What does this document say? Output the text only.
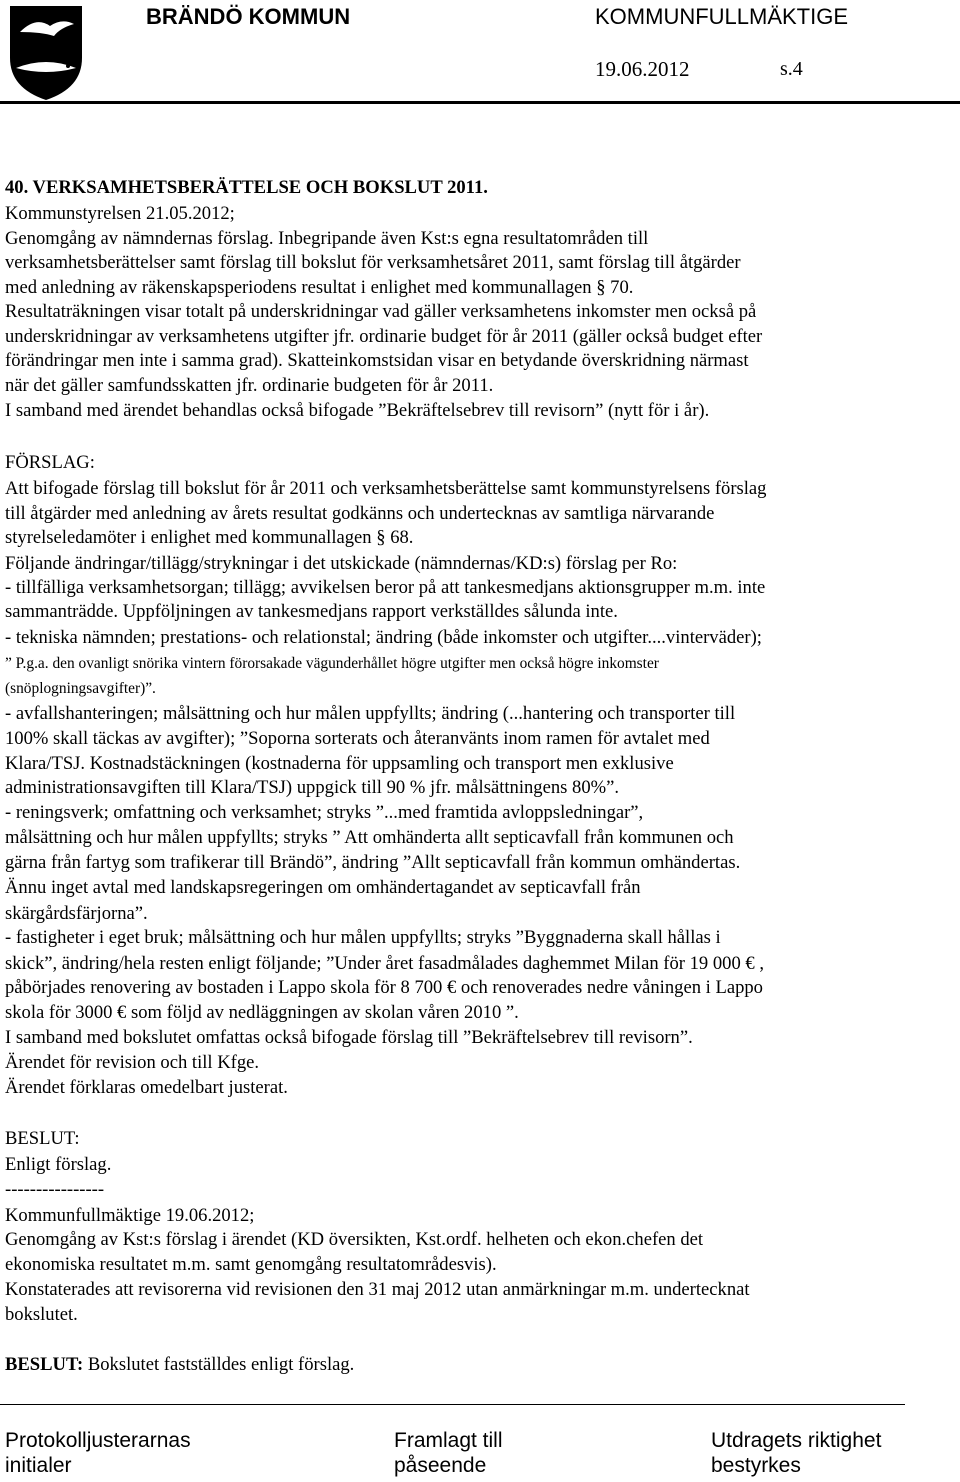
BRÄNDÖ KOMMUN	KOMMUNFULLMÄKTIGE
19.06.2012	s.4
40. VERKSAMHETSBERÄTTELSE OCH BOKSLUT 2011.
Kommunstyrelsen 21.05.2012;
Genomgång av nämndernas förslag. Inbegripande även Kst:s egna resultatområden till
verksamhetsberättelser samt förslag till bokslut för verksamhetsåret 2011, samt förslag till åtgärder
med anledning av räkenskapsperiodens resultat i enlighet med kommunallagen § 70.
Resultaträkningen visar totalt på underskridningar vad gäller verksamhetens inkomster men också på
underskridningar av verksamhetens utgifter jfr. ordinarie budget för år 2011 (gäller också budget efter
förändringar men inte i samma grad). Skatteinkomstsidan visar en betydande överskridning närmast
när det gäller samfundsskatten jfr. ordinarie budgeten för år 2011.
I samband med ärendet behandlas också bifogade ”Bekräftelsebrev till revisorn” (nytt för i år).
FÖRSLAG:
Att bifogade förslag till bokslut för år 2011 och verksamhetsberättelse samt kommunstyrelsens förslag
till åtgärder med anledning av årets resultat godkänns och undertecknas av samtliga närvarande
styrelseledamöter i enlighet med kommunallagen § 68.
Följande ändringar/tillägg/strykningar i det utskickade (nämndernas/KD:s) förslag per Ro:
- tillfälliga verksamhetsorgan; tillägg; avvikelsen beror på att tankesmedjans aktionsgrupper m.m. inte
sammanträdde. Uppföljningen av tankesmedjans rapport verkställdes sålunda inte.
- tekniska nämnden; prestations- och relationstal; ändring (både inkomster och utgifter....vinterväder);
” P.g.a. den ovanligt snörika vintern förorsakade vägunderhållet högre utgifter men också högre inkomster
(snöplogningsavgifter)”.
- avfallshanteringen; målsättning och hur målen uppfyllts; ändring (...hantering och transporter till
100% skall täckas av avgifter); ”Soporna sorterats och återanvänts inom ramen för avtalet med
Klara/TSJ. Kostnadstäckningen (kostnaderna för uppsamling och transport men exklusive
administrationsavgiften till Klara/TSJ) uppgick till 90 % jfr. målsättningens 80%”.
- reningsverk; omfattning och verksamhet; stryks ”...med framtida avloppsledningar”,
målsättning och hur målen uppfyllts; stryks ” Att omhänderta allt septicavfall från kommunen och
gärna från fartyg som trafikerar till Brändö”, ändring ”Allt septicavfall från kommun omhändertas.
Ännu inget avtal med landskapsregeringen om omhändertagandet av septicavfall från
skärgårdsfärjorna”.
- fastigheter i eget bruk; målsättning och hur målen uppfyllts; stryks ”Byggnaderna skall hållas i
skick”, ändring/hela resten enligt följande; ”Under året fasadmålades daghemmet Milan för 19 000 € ,
påbörjades renovering av bostaden i Lappo skola för 8 700 € och renoverades nedre våningen i Lappo
skola för 3000 € som följd av nedläggningen av skolan våren 2010 ”.
I samband med bokslutet omfattas också bifogade förslag till ”Bekräftelsebrev till revisorn”.
Ärendet för revision och till Kfge.
Ärendet förklaras omedelbart justerat.
BESLUT:
Enligt förslag.
----------------
Kommunfullmäktige 19.06.2012;
Genomgång av Kst:s förslag i ärendet (KD översikten, Kst.ordf. helheten och ekon.chefen det
ekonomiska resultatet m.m. samt genomgång resultatområdesvis).
Konstaterades att revisorerna vid revisionen den 31 maj 2012 utan anmärkningar m.m. undertecknat
bokslutet.
BESLUT: Bokslutet fastställdes enligt förslag.
Protokolljusterarnas
initialer
Framlagt till
påseende
Utdragets riktighet
bestyrkes
